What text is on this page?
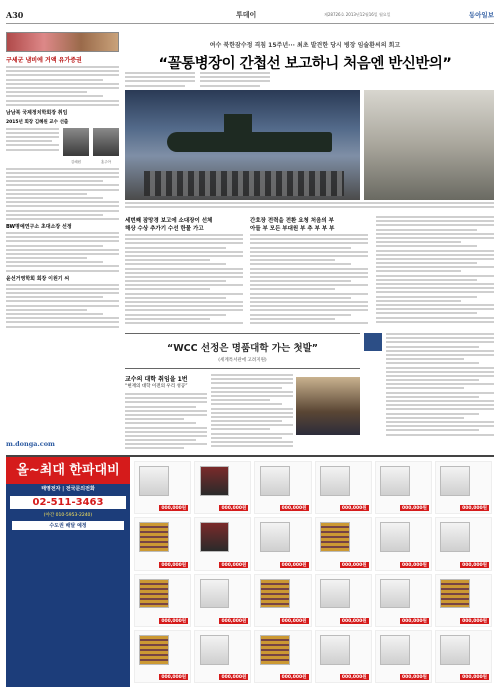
A30	투데이	제28726호 2013년12월16일 월요일	동아일보
여수 북한잠수정 격침 15주년··· 최초 발견한 당시 병장 임술환씨의 회고
“꼴통병장이 간첩선 보고하니 처음엔 반신반의”
구세군 냄비에 거액 유가증권
남남북 국제정치학회장 취임
2015년 회장 김혜원 교수 선출
김혜원	홍주아
BW명예연구소 초대소장 선정
윤선거영학회 회장 이원기 씨
세번째 잠망경 보고에 소대장이 선체
해상 수상 추가기 수선 한물 가고
간호장 전력을 전환 요청 처음의 부
아들 부 모든 부대원 부 추 부 부 부
“WCC 선정은 명품대학 가는 첫발”
(세계특서관에 고려지원)
교수의 대학 취임을 1번
“현재의 대학 이전의 우리 성공”
m.donga.com
올~최대 한파대비
태영전자 | 전국문의전화
02-511-3463
(야간 010-5953-2240)
수도권 배달 예정
000,000원	000,000원	000,000원	000,000원	000,000원	000,000원
000,000원	000,000원	000,000원	000,000원	000,000원	000,000원
000,000원	000,000원	000,000원	000,000원	000,000원	000,000원
000,000원	000,000원	000,000원	000,000원	000,000원	000,000원
